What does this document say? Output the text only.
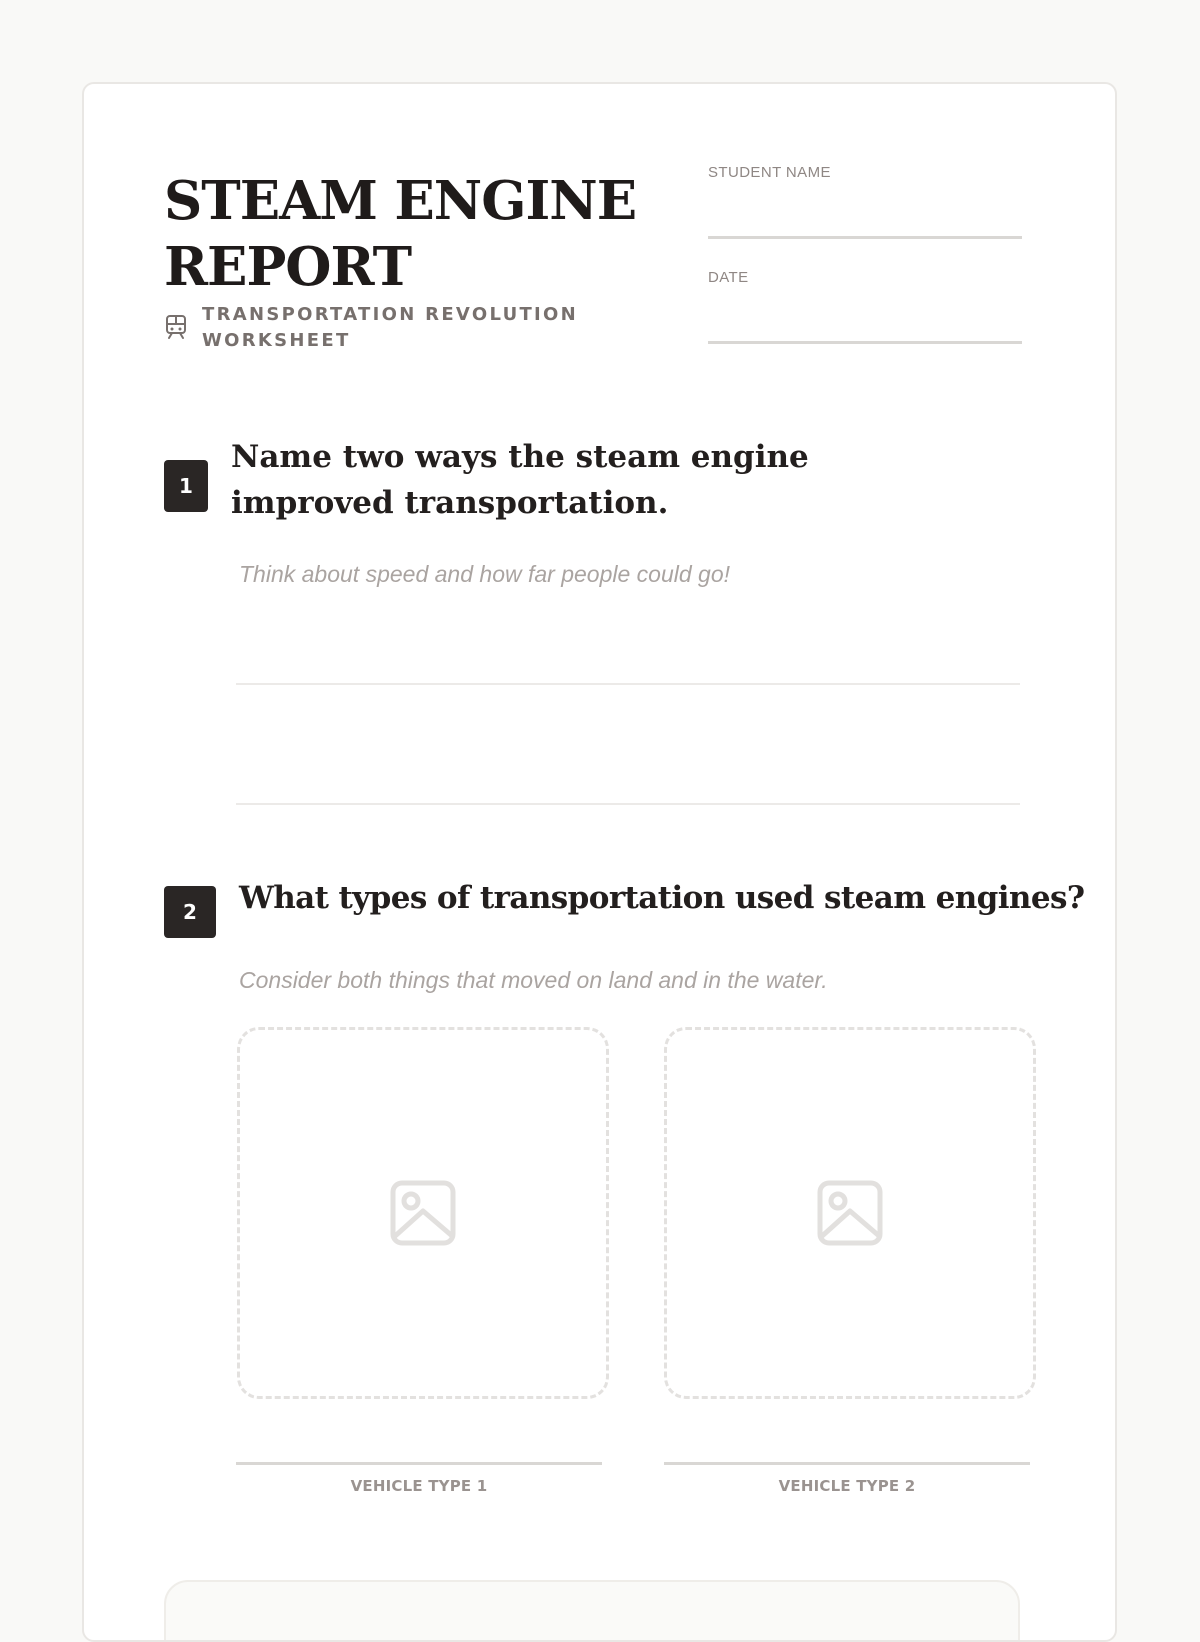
STEAM ENGINE REPORT
TRANSPORTATION REVOLUTION WORKSHEET
STUDENT NAME
DATE
1
Name two ways the steam engine improved transportation.
Think about speed and how far people could go!
2	What types of transportation used steam engines?
Consider both things that moved on land and in the water.
VEHICLE TYPE 1	VEHICLE TYPE 2
